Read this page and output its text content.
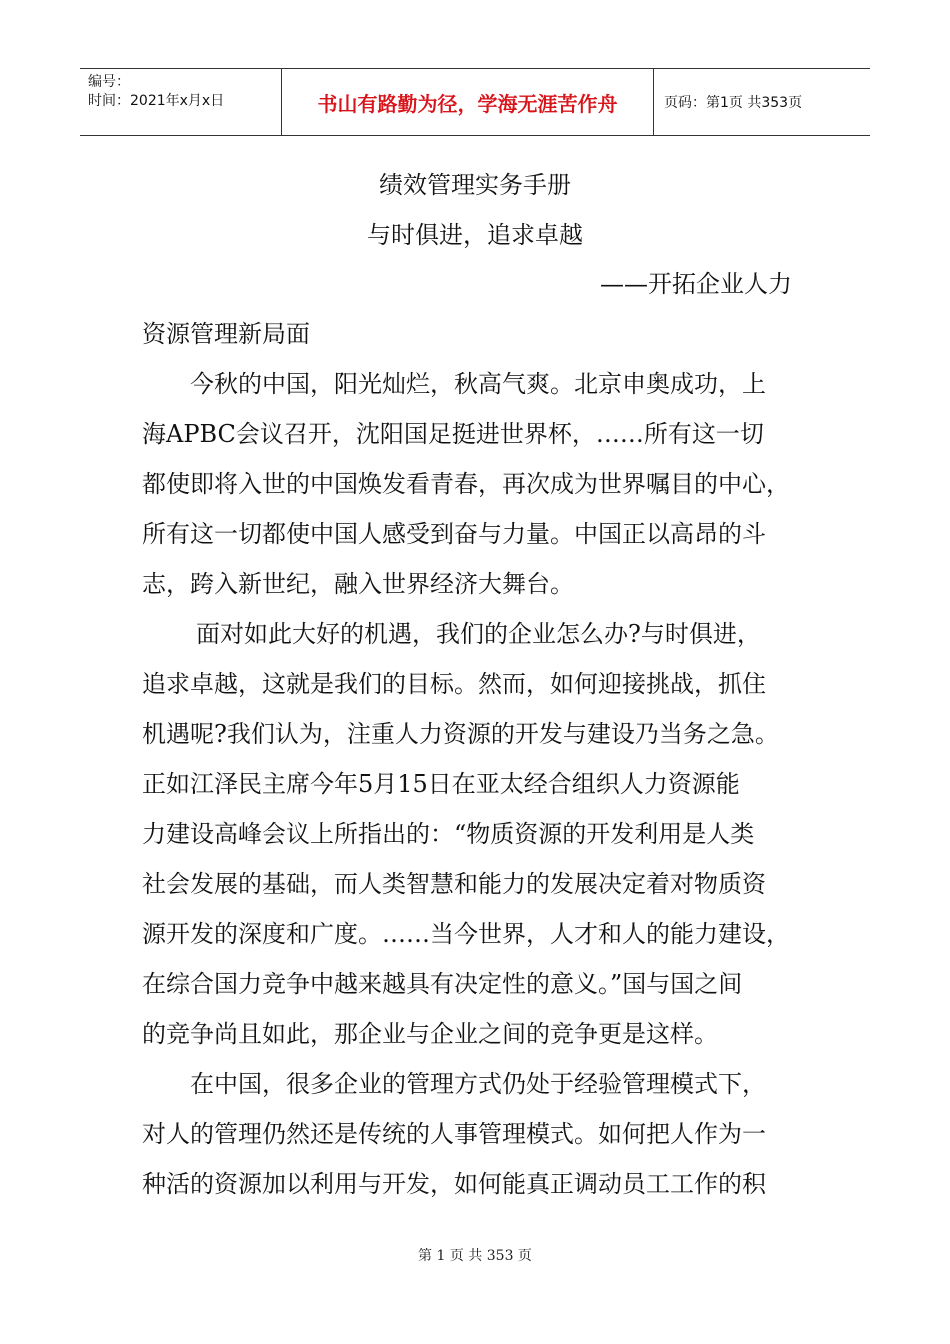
编号：
时间：2021年x月x日	书山有路勤为径，学海无涯苦作舟	页码：第1页 共353页
绩效管理实务手册
与时俱进，追求卓越
——开拓企业人力
资源管理新局面
今秋的中国，阳光灿烂，秋高气爽。北京申奥成功，上
海APBC会议召开，沈阳国足挺进世界杯，……所有这一切
都使即将入世的中国焕发看青春，再次成为世界嘱目的中心，
所有这一切都使中国人感受到奋与力量。中国正以高昂的斗
志，跨入新世纪，融入世界经济大舞台。
面对如此大好的机遇，我们的企业怎么办?与时俱进，
追求卓越，这就是我们的目标。然而，如何迎接挑战，抓住
机遇呢?我们认为，注重人力资源的开发与建设乃当务之急。
正如江泽民主席今年5月15日在亚太经合组织人力资源能
力建设高峰会议上所指出的：“物质资源的开发利用是人类
社会发展的基础，而人类智慧和能力的发展决定着对物质资
源开发的深度和广度。……当今世界，人才和人的能力建设，
在综合国力竞争中越来越具有决定性的意义。”国与国之间
的竞争尚且如此，那企业与企业之间的竞争更是这样。
在中国，很多企业的管理方式仍处于经验管理模式下，
对人的管理仍然还是传统的人事管理模式。如何把人作为一
种活的资源加以利用与开发，如何能真正调动员工工作的积
第 1 页 共 353 页
